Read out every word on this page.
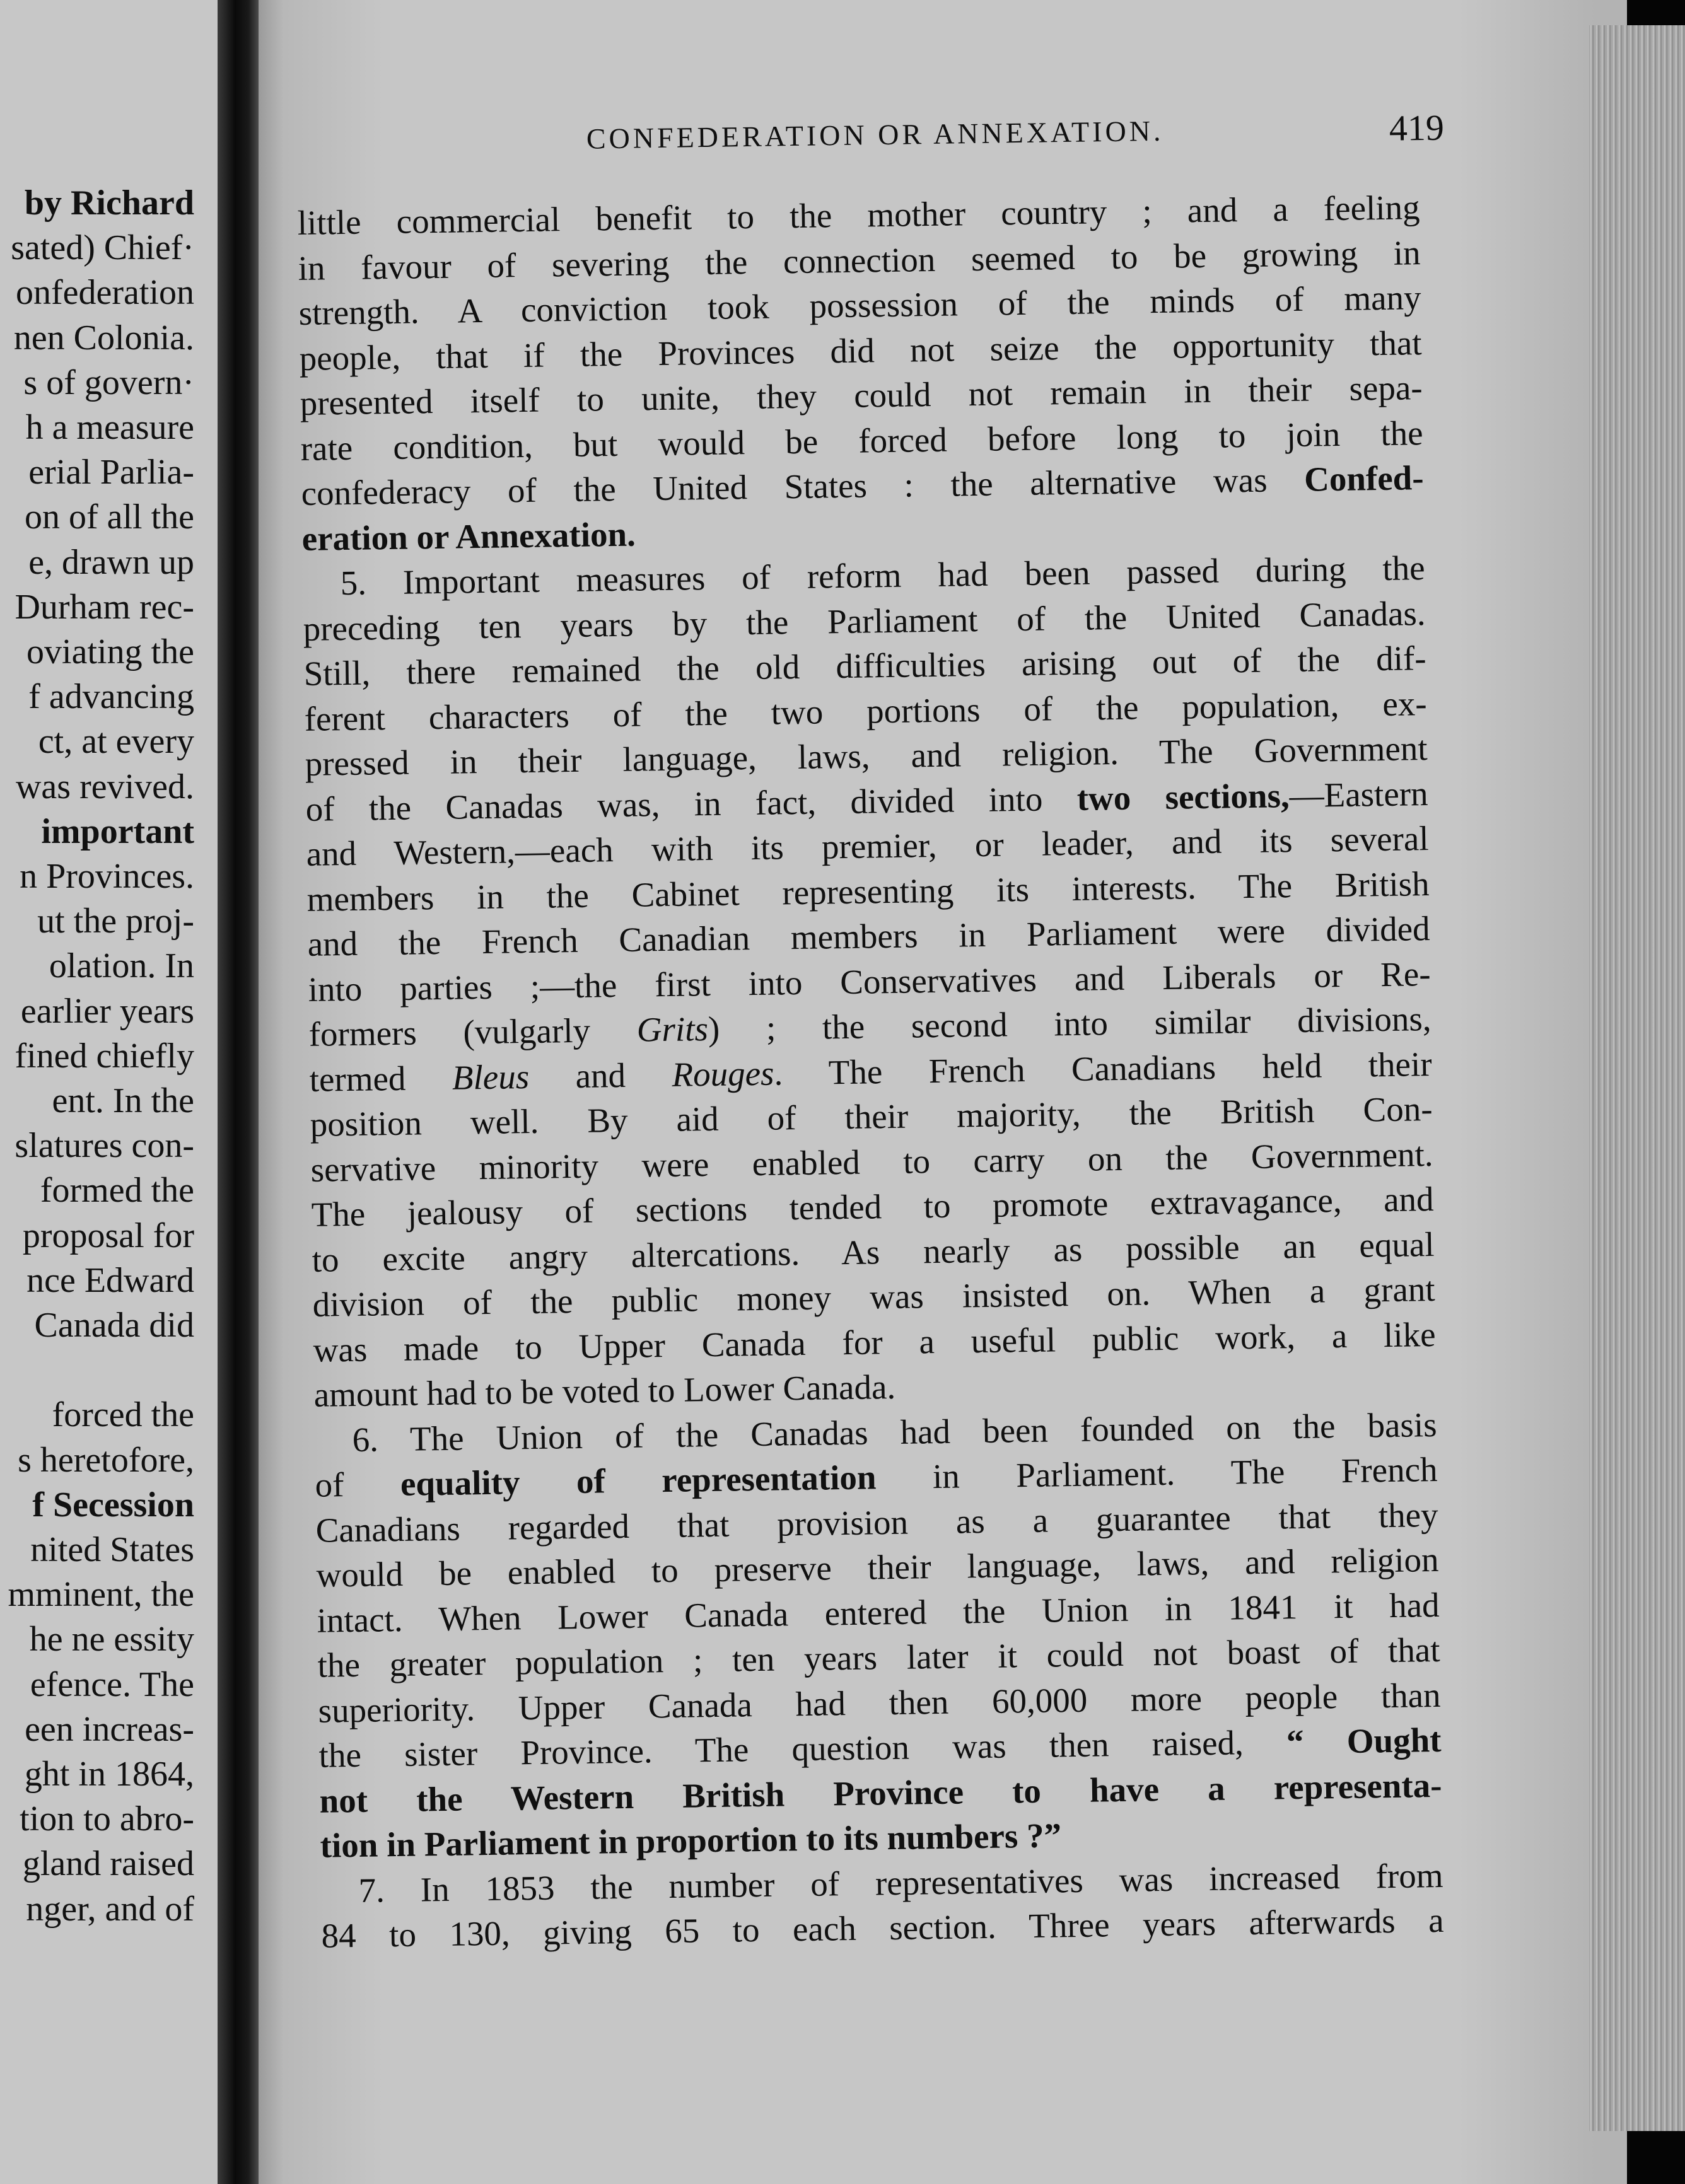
by Richard
sated) Chief·
onfederation
nen Colonia.
s of govern·
h a measure
erial Parlia-
on of all the
e, drawn up
Durham rec-
oviating the
f advancing
ct, at every
was revived.
important
n Provinces.
ut the proj-
olation. In
earlier years
fined chiefly
ent. In the
slatures con-
formed the
proposal for
nce Edward
Canada did
forced the
s heretofore,
f Secession
nited States
mminent, the
he ne essity
efence. The
een increas-
ght in 1864,
tion to abro-
gland raised
nger, and of
CONFEDERATION OR ANNEXATION.	419
little commercial benefit to the mother country ; and a feeling
in favour of severing the connection seemed to be growing in
strength. A conviction took possession of the minds of many
people, that if the Provinces did not seize the opportunity that
presented itself to unite, they could not remain in their sepa-
rate condition, but would be forced before long to join the
confederacy of the United States : the alternative was Confed-
eration or Annexation.
5. Important measures of reform had been passed during the
preceding ten years by the Parliament of the United Canadas.
Still, there remained the old difficulties arising out of the dif-
ferent characters of the two portions of the population, ex-
pressed in their language, laws, and religion. The Government
of the Canadas was, in fact, divided into two sections,—Eastern
and Western,—each with its premier, or leader, and its several
members in the Cabinet representing its interests. The British
and the French Canadian members in Parliament were divided
into parties ;—the first into Conservatives and Liberals or Re-
formers (vulgarly Grits) ; the second into similar divisions,
termed Bleus and Rouges. The French Canadians held their
position well. By aid of their majority, the British Con-
servative minority were enabled to carry on the Government.
The jealousy of sections tended to promote extravagance, and
to excite angry altercations. As nearly as possible an equal
division of the public money was insisted on. When a grant
was made to Upper Canada for a useful public work, a like
amount had to be voted to Lower Canada.
6. The Union of the Canadas had been founded on the basis
of equality of representation in Parliament. The French
Canadians regarded that provision as a guarantee that they
would be enabled to preserve their language, laws, and religion
intact. When Lower Canada entered the Union in 1841 it had
the greater population ; ten years later it could not boast of that
superiority. Upper Canada had then 60,000 more people than
the sister Province. The question was then raised, “ Ought
not the Western British Province to have a representa-
tion in Parliament in proportion to its numbers ?”
7. In 1853 the number of representatives was increased from
84 to 130, giving 65 to each section. Three years afterwards a
